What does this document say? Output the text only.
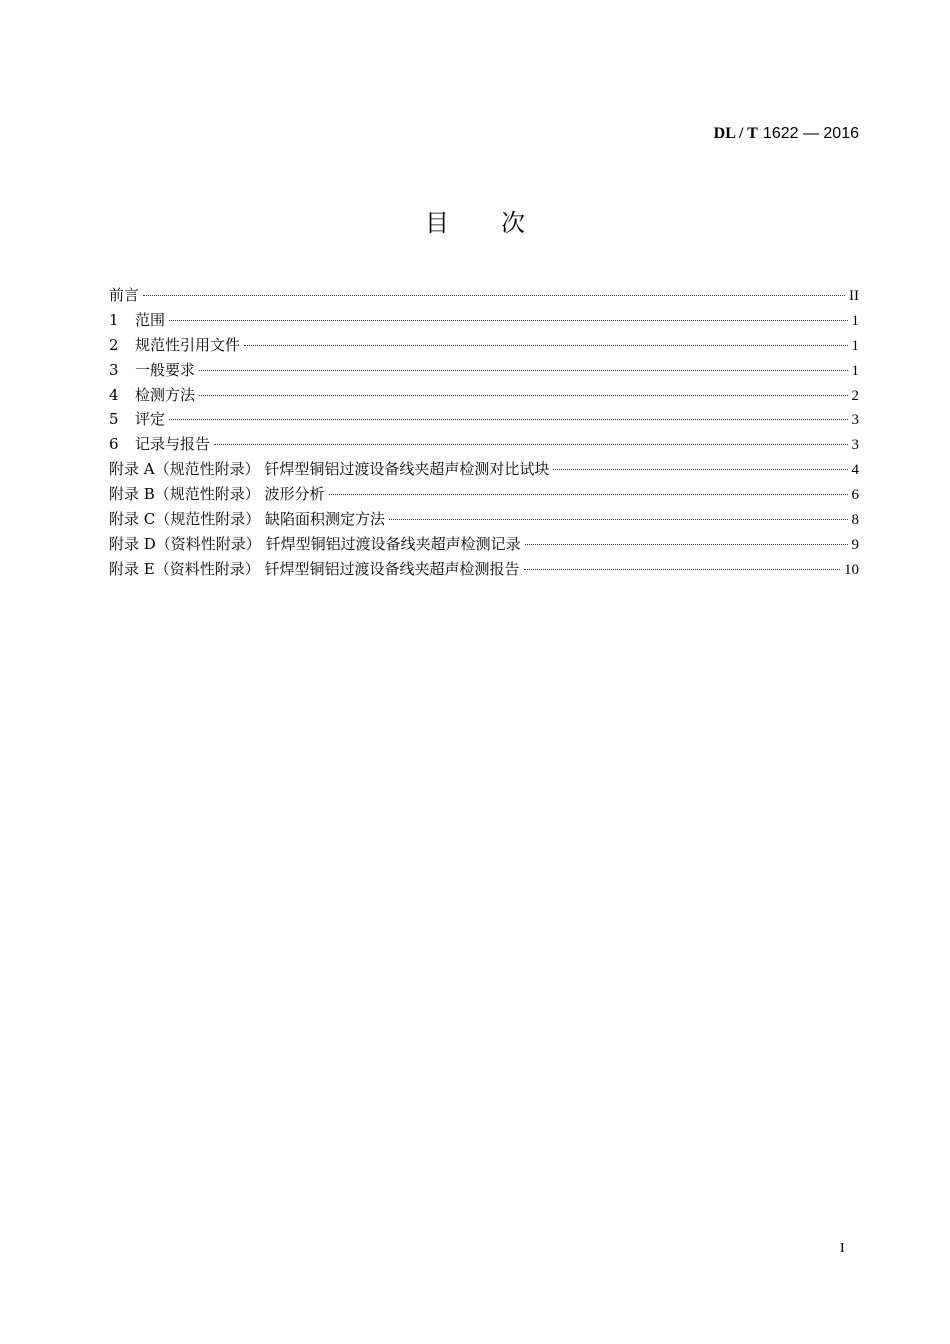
DL / T 1622 — 2016
目次
前言	II
1 范围	1
2 规范性引用文件	1
3 一般要求	1
4 检测方法	2
5 评定	3
6 记录与报告	3
附录 A（规范性附录） 钎焊型铜铝过渡设备线夹超声检测对比试块	4
附录 B（规范性附录） 波形分析	6
附录 C（规范性附录） 缺陷面积测定方法	8
附录 D（资料性附录） 钎焊型铜铝过渡设备线夹超声检测记录	9
附录 E（资料性附录） 钎焊型铜铝过渡设备线夹超声检测报告	10
I
